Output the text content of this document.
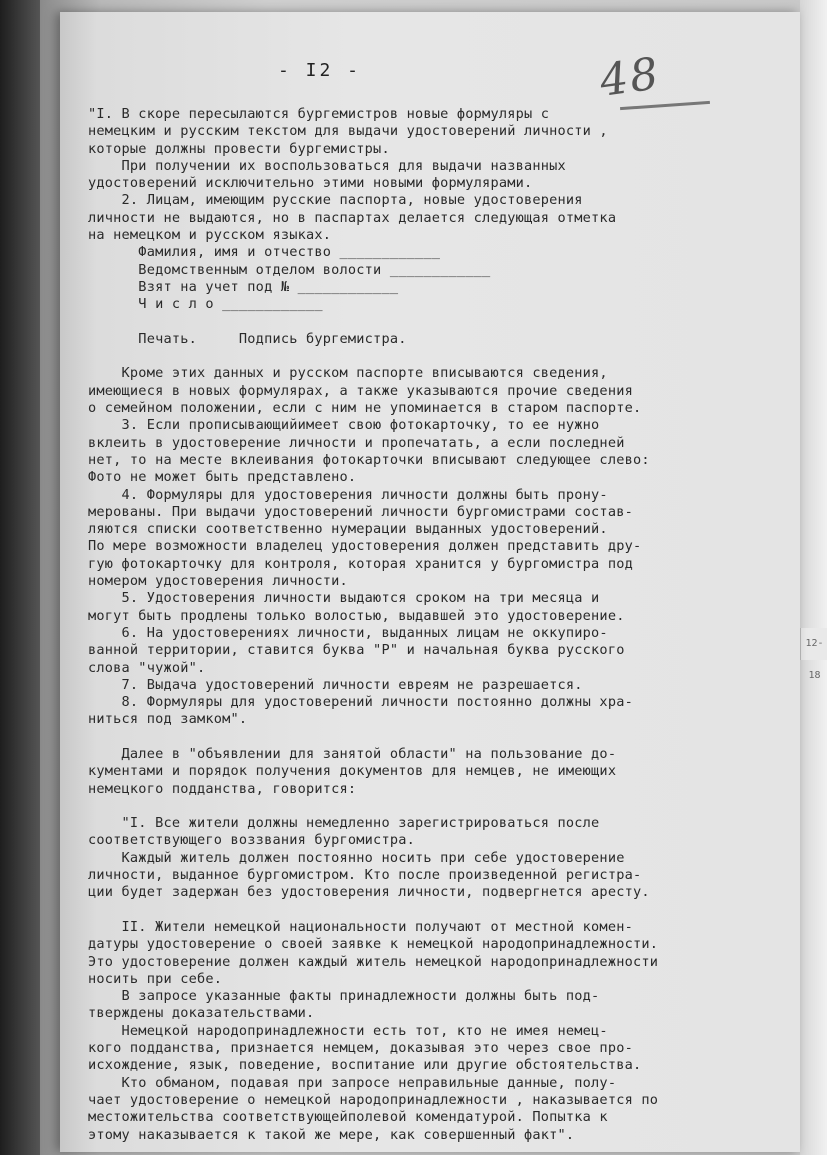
12-18
- I2 -	48
"I. В скоре пересылаются бургемистров новые формуляры с
немецким и русским текстом для выдачи удостоверений личности ,
которые должны провести бургемистры.
При получении их воспользоваться для выдачи названных
удостоверений исключительно этими новыми формулярами.
2. Лицам, имеющим русские паспорта, новые удостоверения
личности не выдаются, но в паспартах делается следующая отметка
на немецком и русском языках.
Фамилия, имя и отчество ____________
Ведомственным отделом волости ____________
Взят на учет под № ____________
Ч и с л о ____________
Печать.     Подпись бургемистра.
Кроме этих данных и русском паспорте вписываются сведения,
имеющиеся в новых формулярах, а также указываются прочие сведения
о семейном положении, если с ним не упоминается в старом паспорте.
3. Если прописывающийимеет свою фотокарточку, то ее нужно
вклеить в удостоверение личности и пропечатать, а если последней
нет, то на месте вклеивания фотокарточки вписывают следующее слево:
Фото не может быть представлено.
4. Формуляры для удостоверения личности должны быть прону-
мерованы. При выдачи удостоверений личности бургомистрами состав-
ляются списки соответственно нумерации выданных удостоверений.
По мере возможности владелец удостоверения должен представить дру-
гую фотокарточку для контроля, которая хранится у бургомистра под
номером удостоверения личности.
5. Удостоверения личности выдаются сроком на три месяца и
могут быть продлены только волостью, выдавшей это удостоверение.
6. На удостоверениях личности, выданных лицам не оккупиро-
ванной территории, ставится буква "Р" и начальная буква русского
слова "чужой".
7. Выдача удостоверений личности евреям не разрешается.
8. Формуляры для удостоверений личности постоянно должны хра-
ниться под замком".
Далее в "объявлении для занятой области" на пользование до-
кументами и порядок получения документов для немцев, не имеющих
немецкого подданства, говорится:
"I. Все жители должны немедленно зарегистрироваться после
соответствующего воззвания бургомистра.
Каждый житель должен постоянно носить при себе удостоверение
личности, выданное бургомистром. Кто после произведенной регистра-
ции будет задержан без удостоверения личности, подвергнется аресту.
II. Жители немецкой национальности получают от местной комен-
датуры удостоверение о своей заявке к немецкой народопринадлежности.
Это удостоверение должен каждый житель немецкой народопринадлежности
носить при себе.
В запросе указанные факты принадлежности должны быть под-
тверждены доказательствами.
Немецкой народопринадлежности есть тот, кто не имея немец-
кого подданства, признается немцем, доказывая это через свое про-
исхождение, язык, поведение, воспитание или другие обстоятельства.
Кто обманом, подавая при запросе неправильные данные, полу-
чает удостоверение о немецкой народопринадлежности , наказывается по
местожительства соответствующейполевой комендатурой. Попытка к
этому наказывается к такой же мере, как совершенный факт".
